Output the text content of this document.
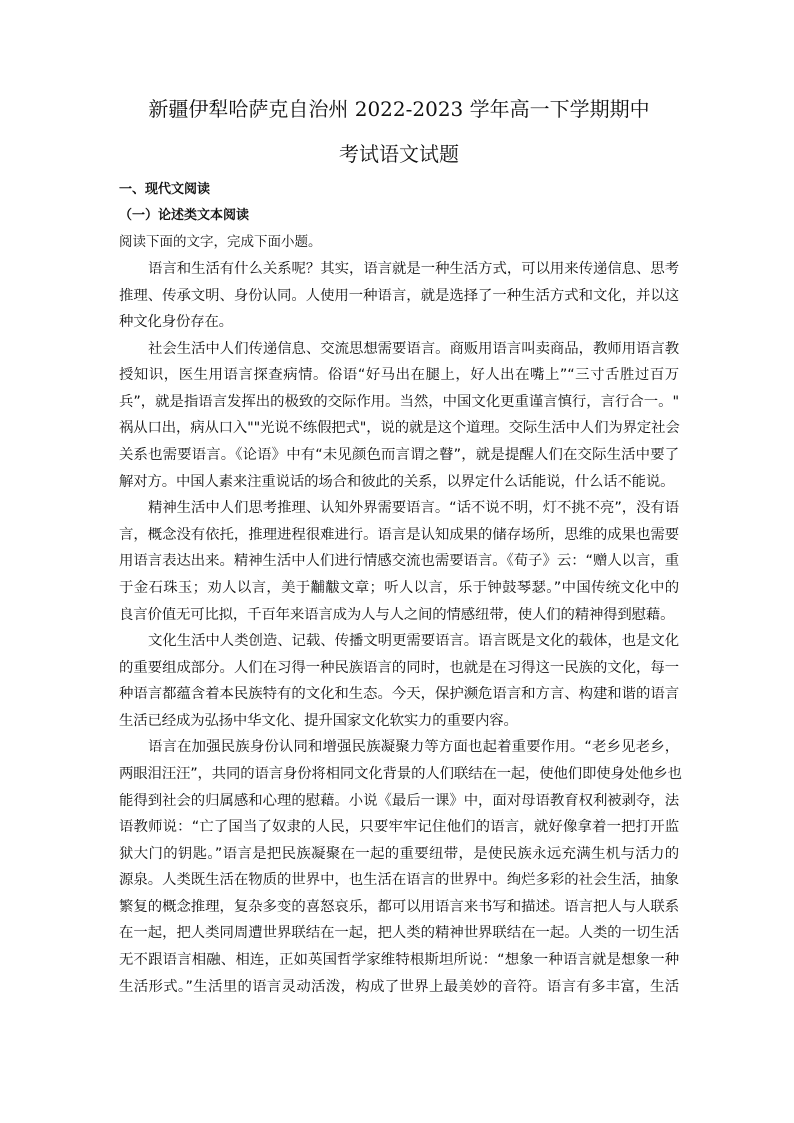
新疆伊犁哈萨克自治州 2022-2023 学年高一下学期期中
考试语文试题
一、现代文阅读
（一）论述类文本阅读
阅读下面的文字，完成下面小题。
语言和生活有什么关系呢？其实，语言就是一种生活方式，可以用来传递信息、思考
推理、传承文明、身份认同。人使用一种语言，就是选择了一种生活方式和文化，并以这
种文化身份存在。
社会生活中人们传递信息、交流思想需要语言。商贩用语言叫卖商品，教师用语言教
授知识，医生用语言探查病情。俗语“好马出在腿上，好人出在嘴上”“三寸舌胜过百万
兵”，就是指语言发挥出的极致的交际作用。当然，中国文化更重谨言慎行，言行合一。"
祸从口出，病从口入""光说不练假把式"，说的就是这个道理。交际生活中人们为界定社会
关系也需要语言。《论语》中有“未见颜色而言谓之瞽”，就是提醒人们在交际生活中要了
解对方。中国人素来注重说话的场合和彼此的关系，以界定什么话能说，什么话不能说。
精神生活中人们思考推理、认知外界需要语言。“话不说不明，灯不挑不亮”，没有语
言，概念没有依托，推理进程很难进行。语言是认知成果的储存场所，思维的成果也需要
用语言表达出来。精神生活中人们进行情感交流也需要语言。《荀子》云：“赠人以言，重
于金石珠玉；劝人以言，美于黼黻文章；听人以言，乐于钟鼓琴瑟。”中国传统文化中的
良言价值无可比拟，千百年来语言成为人与人之间的情感纽带，使人们的精神得到慰藉。
文化生活中人类创造、记载、传播文明更需要语言。语言既是文化的载体，也是文化
的重要组成部分。人们在习得一种民族语言的同时，也就是在习得这一民族的文化，每一
种语言都蕴含着本民族特有的文化和生态。今天，保护濒危语言和方言、构建和谐的语言
生活已经成为弘扬中华文化、提升国家文化软实力的重要内容。
语言在加强民族身份认同和增强民族凝聚力等方面也起着重要作用。“老乡见老乡，
两眼泪汪汪”，共同的语言身份将相同文化背景的人们联结在一起，使他们即使身处他乡也
能得到社会的归属感和心理的慰藉。小说《最后一课》中，面对母语教育权利被剥夺，法
语教师说：“亡了国当了奴隶的人民，只要牢牢记住他们的语言，就好像拿着一把打开监
狱大门的钥匙。”语言是把民族凝聚在一起的重要纽带，是使民族永远充满生机与活力的
源泉。人类既生活在物质的世界中，也生活在语言的世界中。绚烂多彩的社会生活，抽象
繁复的概念推理，复杂多变的喜怒哀乐，都可以用语言来书写和描述。语言把人与人联系
在一起，把人类同周遭世界联结在一起，把人类的精神世界联结在一起。人类的一切生活
无不跟语言相融、相连，正如英国哲学家维特根斯坦所说：“想象一种语言就是想象一种
生活形式。”生活里的语言灵动活泼，构成了世界上最美妙的音符。语言有多丰富，生活
